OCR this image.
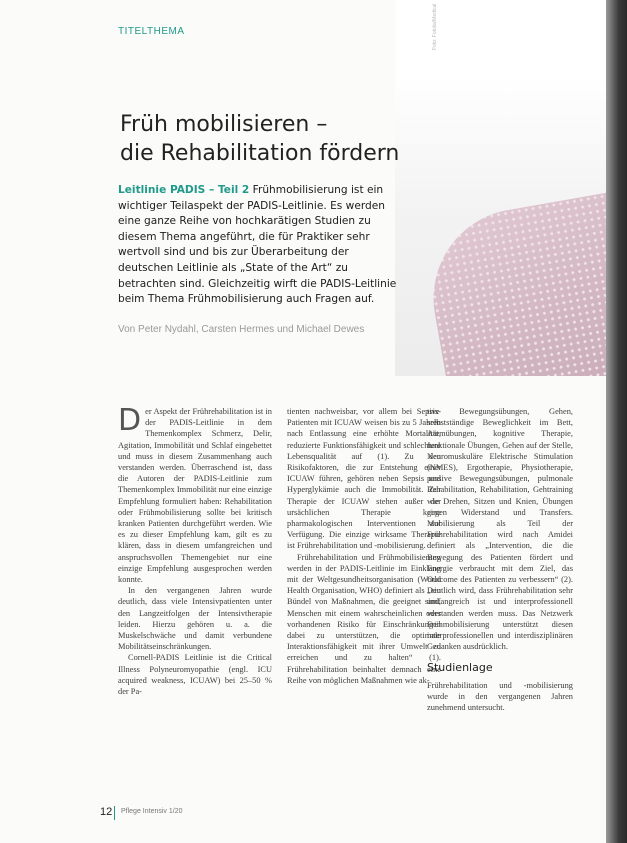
TITELTHEMA	Foto: Fotolia/Medical
Früh mobilisieren –
die Rehabilitation fördern
Leitlinie PADIS – Teil 2 Frühmobilisierung ist ein wichtiger Teilaspekt der PADIS-Leitlinie. Es werden eine ganze Reihe von hochkarätigen Studien zu diesem Thema angeführt, die für Praktiker sehr wertvoll sind und bis zur Überarbeitung der deutschen Leitlinie als „State of the Art“ zu betrachten sind. Gleichzeitig wirft die PADIS-Leitlinie beim Thema Frühmobilisierung auch Fragen auf.
Von Peter Nydahl, Carsten Hermes und Michael Dewes

Der Aspekt der Frührehabilitation ist in der PADIS-Leitlinie in dem Themenkomplex Schmerz, Delir, Agitation, Immobilität und Schlaf eingebettet und muss in diesem Zusammenhang auch verstanden werden. Überraschend ist, dass die Autoren der PADIS-Leitlinie zum Themenkomplex Immobilität nur eine einzige Empfehlung formuliert haben: Rehabilitation oder Frühmobilisierung sollte bei kritisch kranken Patienten durchgeführt werden. Wie es zu dieser Empfehlung kam, gilt es zu klären, dass in diesem umfangreichen und anspruchsvollen Themengebiet nur eine einzige Empfehlung ausgesprochen werden konnte.

In den vergangenen Jahren wurde deutlich, dass viele Intensivpatienten unter den Langzeitfolgen der Intensivtherapie leiden. Hierzu gehören u. a. die Muskelschwäche und damit verbundene Mobilitätseinschränkungen.

Cornell-PADIS Leitlinie ist die Critical Illness Polyneuromyopathie (engl. ICU acquired weakness, ICUAW) bei 25–50 % der Pa-

tienten nachweisbar, vor allem bei Sepsis-Patienten mit ICUAW weisen bis zu 5 Jahren nach Entlassung eine erhöhte Mortalität, reduzierte Funktionsfähigkeit und schlechtere Lebensqualität auf (1). Zu den Risikofaktoren, die zur Entstehung einer ICUAW führen, gehören neben Sepsis und Hyperglykämie auch die Immobilität. Zur Therapie der ICUAW stehen außer der ursächlichen Therapie keine pharmakologischen Interventionen zur Verfügung. Die einzige wirksame Therapie ist Frührehabilitation und -mobilisierung.

Frührehabilitation und Frühmobilisierung werden in der PADIS-Leitlinie im Einklang mit der Weltgesundheitsorganisation (World Health Organisation, WHO) definiert als „ein Bündel von Maßnahmen, die geeignet sind, Menschen mit einem wahrscheinlichen oder vorhandenen Risiko für Einschränkungen dabei zu unterstützen, die optimale Interaktionsfähigkeit mit ihrer Umwelt zu erreichen und zu halten“ (1). Frührehabilitation beinhaltet demnach eine Reihe von möglichen Maßnahmen wie ak-

tive Bewegungsübungen, Gehen, selbstständige Beweglichkeit im Bett, Atemübungen, kognitive Therapie, funktionale Übungen, Gehen auf der Stelle, Neuromuskuläre Elektrische Stimulation (NMES), Ergotherapie, Physiotherapie, passive Bewegungsübungen, pulmonale Rehabilitation, Rehabilitation, Gehtraining wie Drehen, Sitzen und Knien, Übungen gegen Widerstand und Transfers. Mobilisierung als Teil der Frührehabilitation wird nach Amidei definiert als „Intervention, die die Bewegung des Patienten fördert und Energie verbraucht mit dem Ziel, das Outcome des Patienten zu verbessern“ (2). Deutlich wird, dass Frührehabilitation sehr umfangreich ist und interprofessionell verstanden werden muss. Das Netzwerk Frühmobilisierung unterstützt diesen interprofessionellen und interdisziplinären Gedanken ausdrücklich.

Studienlage

Frührehabilitation und -mobilisierung wurde in den vergangenen Jahren zunehmend untersucht.

12 Pflege Intensiv 1/20
